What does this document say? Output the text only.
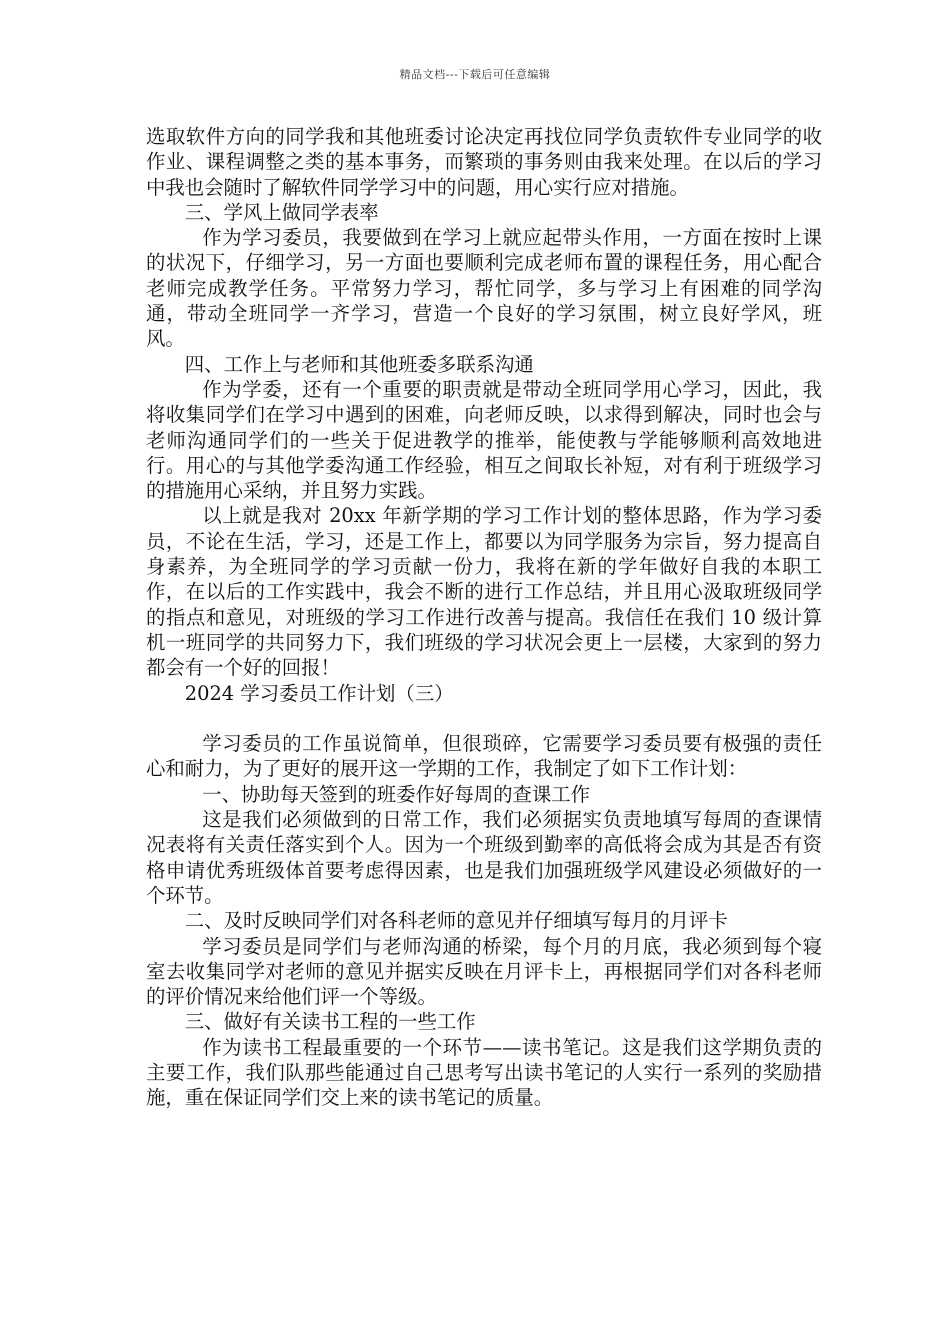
精品文档---下载后可任意编辑

选取软件方向的同学我和其他班委讨论决定再找位同学负责软件专业同学的收作业、课程调整之类的基本事务，而繁琐的事务则由我来处理。在以后的学习中我也会随时了解软件同学学习中的问题，用心实行应对措施。

三、学风上做同学表率

作为学习委员，我要做到在学习上就应起带头作用，一方面在按时上课的状况下，仔细学习，另一方面也要顺利完成老师布置的课程任务，用心配合老师完成教学任务。平常努力学习，帮忙同学，多与学习上有困难的同学沟通，带动全班同学一齐学习，营造一个良好的学习氛围，树立良好学风，班风。

四、工作上与老师和其他班委多联系沟通

作为学委，还有一个重要的职责就是带动全班同学用心学习，因此，我将收集同学们在学习中遇到的困难，向老师反映，以求得到解决，同时也会与老师沟通同学们的一些关于促进教学的推举，能使教与学能够顺利高效地进行。用心的与其他学委沟通工作经验，相互之间取长补短，对有利于班级学习的措施用心采纳，并且努力实践。

以上就是我对 20xx 年新学期的学习工作计划的整体思路，作为学习委员，不论在生活，学习，还是工作上，都要以为同学服务为宗旨，努力提高自身素养，为全班同学的学习贡献一份力，我将在新的学年做好自我的本职工作，在以后的工作实践中，我会不断的进行工作总结，并且用心汲取班级同学的指点和意见，对班级的学习工作进行改善与提高。我信任在我们 10 级计算机一班同学的共同努力下，我们班级的学习状况会更上一层楼，大家到的努力都会有一个好的回报！

2024 学习委员工作计划（三）

学习委员的工作虽说简单，但很琐碎，它需要学习委员要有极强的责任心和耐力，为了更好的展开这一学期的工作，我制定了如下工作计划：

一、协助每天签到的班委作好每周的查课工作

这是我们必须做到的日常工作，我们必须据实负责地填写每周的查课情况表将有关责任落实到个人。因为一个班级到勤率的高低将会成为其是否有资格申请优秀班级体首要考虑得因素，也是我们加强班级学风建设必须做好的一个环节。

二、及时反映同学们对各科老师的意见并仔细填写每月的月评卡

学习委员是同学们与老师沟通的桥梁，每个月的月底，我必须到每个寝室去收集同学对老师的意见并据实反映在月评卡上，再根据同学们对各科老师的评价情况来给他们评一个等级。

三、做好有关读书工程的一些工作

作为读书工程最重要的一个环节——读书笔记。这是我们这学期负责的主要工作，我们队那些能通过自己思考写出读书笔记的人实行一系列的奖励措施，重在保证同学们交上来的读书笔记的质量。
